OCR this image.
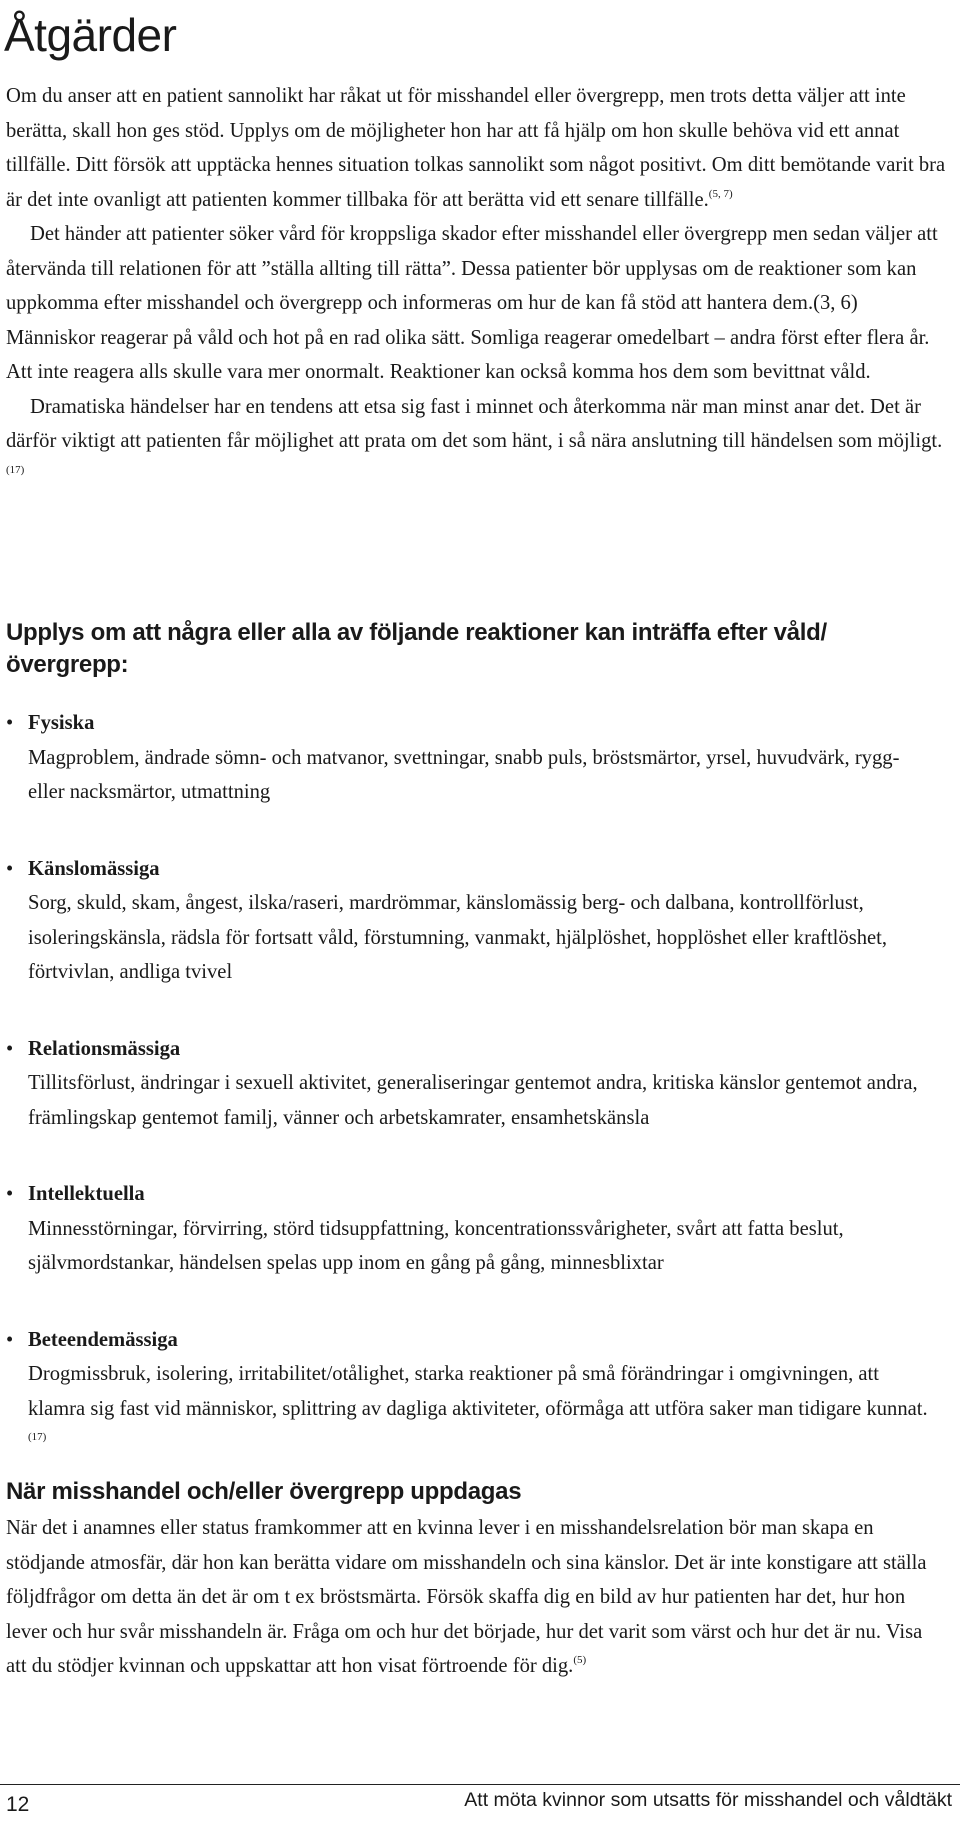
Åtgärder

Om du anser att en patient sannolikt har råkat ut för misshandel eller övergrepp, men trots detta väljer att inte berätta, skall hon ges stöd. Upplys om de möjligheter hon har att få hjälp om hon skulle behöva vid ett annat tillfälle. Ditt försök att upptäcka hennes situation tolkas sannolikt som något positivt. Om ditt bemötande varit bra är det inte ovanligt att patienten kommer tillbaka för att berätta vid ett senare tillfälle.$^{(5, 7)}$

Det händer att patienter söker vård för kroppsliga skador efter misshandel eller övergrepp men sedan väljer att återvända till relationen för att ”ställa allting till rätta”. Dessa patienter bör upplysas om de reaktioner som kan uppkomma efter misshandel och övergrepp och informeras om hur de kan få stöd att hantera dem.(3, 6) Människor reagerar på våld och hot på en rad olika sätt. Somliga reagerar omedelbart – andra först efter flera år. Att inte reagera alls skulle vara mer onormalt. Reaktioner kan också komma hos dem som bevittnat våld.

Dramatiska händelser har en tendens att etsa sig fast i minnet och återkomma när man minst anar det. Det är därför viktigt att patienten får möjlighet att prata om det som hänt, i så nära anslutning till händelsen som möjligt.$^{(17)}$

Upplys om att några eller alla av följande reaktioner kan inträffa efter våld/övergrepp:
• Fysiska
Magproblem, ändrade sömn- och matvanor, svettningar, snabb puls, bröstsmärtor, yrsel, huvudvärk, rygg- eller nacksmärtor, utmattning
• Känslomässiga
Sorg, skuld, skam, ångest, ilska/raseri, mardrömmar, känslomässig berg- och dalbana, kontrollförlust, isoleringskänsla, rädsla för fortsatt våld, förstumning, vanmakt, hjälplöshet, hopplöshet eller kraftlöshet, förtvivlan, andliga tvivel
• Relationsmässiga
Tillitsförlust, ändringar i sexuell aktivitet, generaliseringar gentemot andra, kritiska känslor gentemot andra, främlingskap gentemot familj, vänner och arbetskamrater, ensamhetskänsla
• Intellektuella
Minnesstörningar, förvirring, störd tidsuppfattning, koncentrationssvårigheter, svårt att fatta beslut, självmordstankar, händelsen spelas upp inom en gång på gång, minnesblixtar
• Beteendemässiga
Drogmissbruk, isolering, irritabilitet/otålighet, starka reaktioner på små förändringar i omgivningen, att klamra sig fast vid människor, splittring av dagliga aktiviteter, oförmåga att utföra saker man tidigare kunnat.$^{(17)}$
När misshandel och/eller övergrepp uppdagas

När det i anamnes eller status framkommer att en kvinna lever i en misshandelsrelation bör man skapa en stödjande atmosfär, där hon kan berätta vidare om misshandeln och sina känslor. Det är inte konstigare att ställa följdfrågor om detta än det är om t ex bröstsmärta. Försök skaffa dig en bild av hur patienten har det, hur hon lever och hur svår misshandeln är. Fråga om och hur det började, hur det varit som värst och hur det är nu. Visa att du stödjer kvinnan och uppskattar att hon visat förtroende för dig.$^{(5)}$

12	Att möta kvinnor som utsatts för misshandel och våldtäkt
